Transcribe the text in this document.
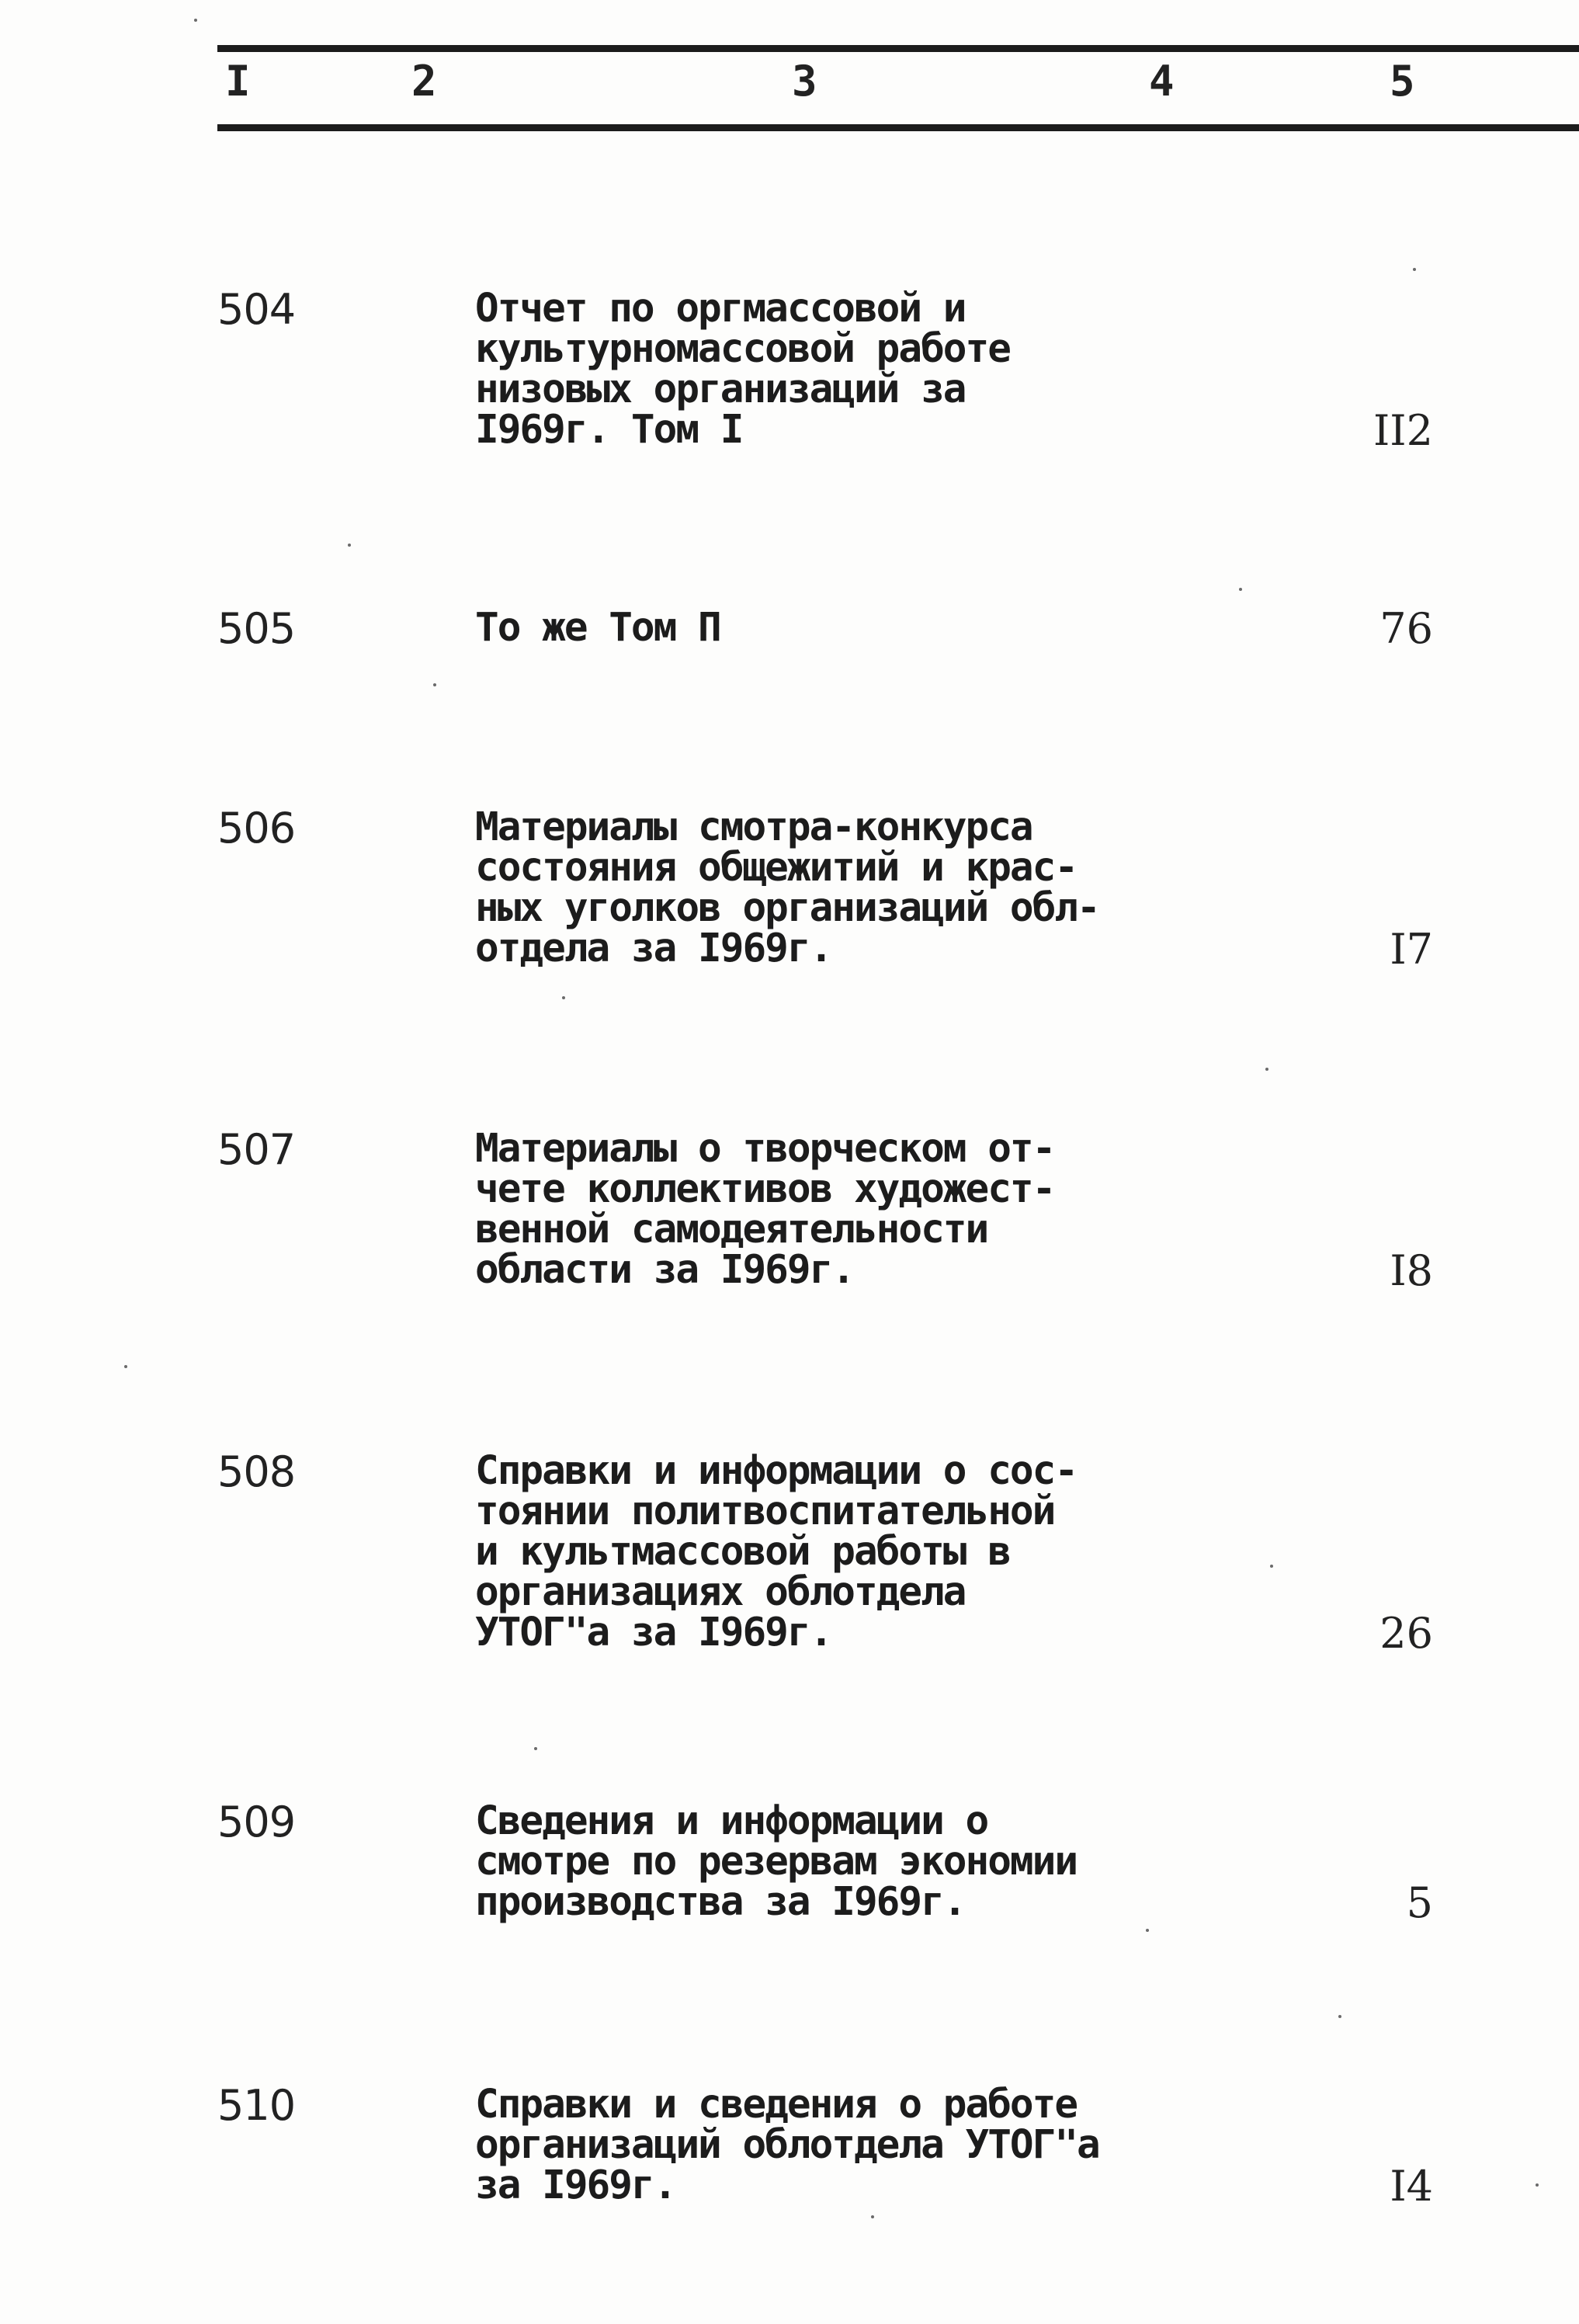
I	2	3	4	5
504	Отчет по оргмассовой и
культурномассовой работе
низовых организаций за
I969г. Том I	II2
505	То же Том П	76
506	Материалы смотра-конкурса
состояния общежитий и крас-
ных уголков организаций обл-
отдела за I969г.	I7
507	Материалы о творческом от-
чете коллективов художест-
венной самодеятельности
области за I969г.	I8
508	Справки и информации о сос-
тоянии политвоспитательной
и культмассовой работы в
организациях облотдела
УТОГ"а за I969г.	26
509	Сведения и информации о
смотре по резервам экономии
производства за I969г.	5
510	Справки и сведения о работе
организаций облотдела УТОГ"а
за I969г.	I4
